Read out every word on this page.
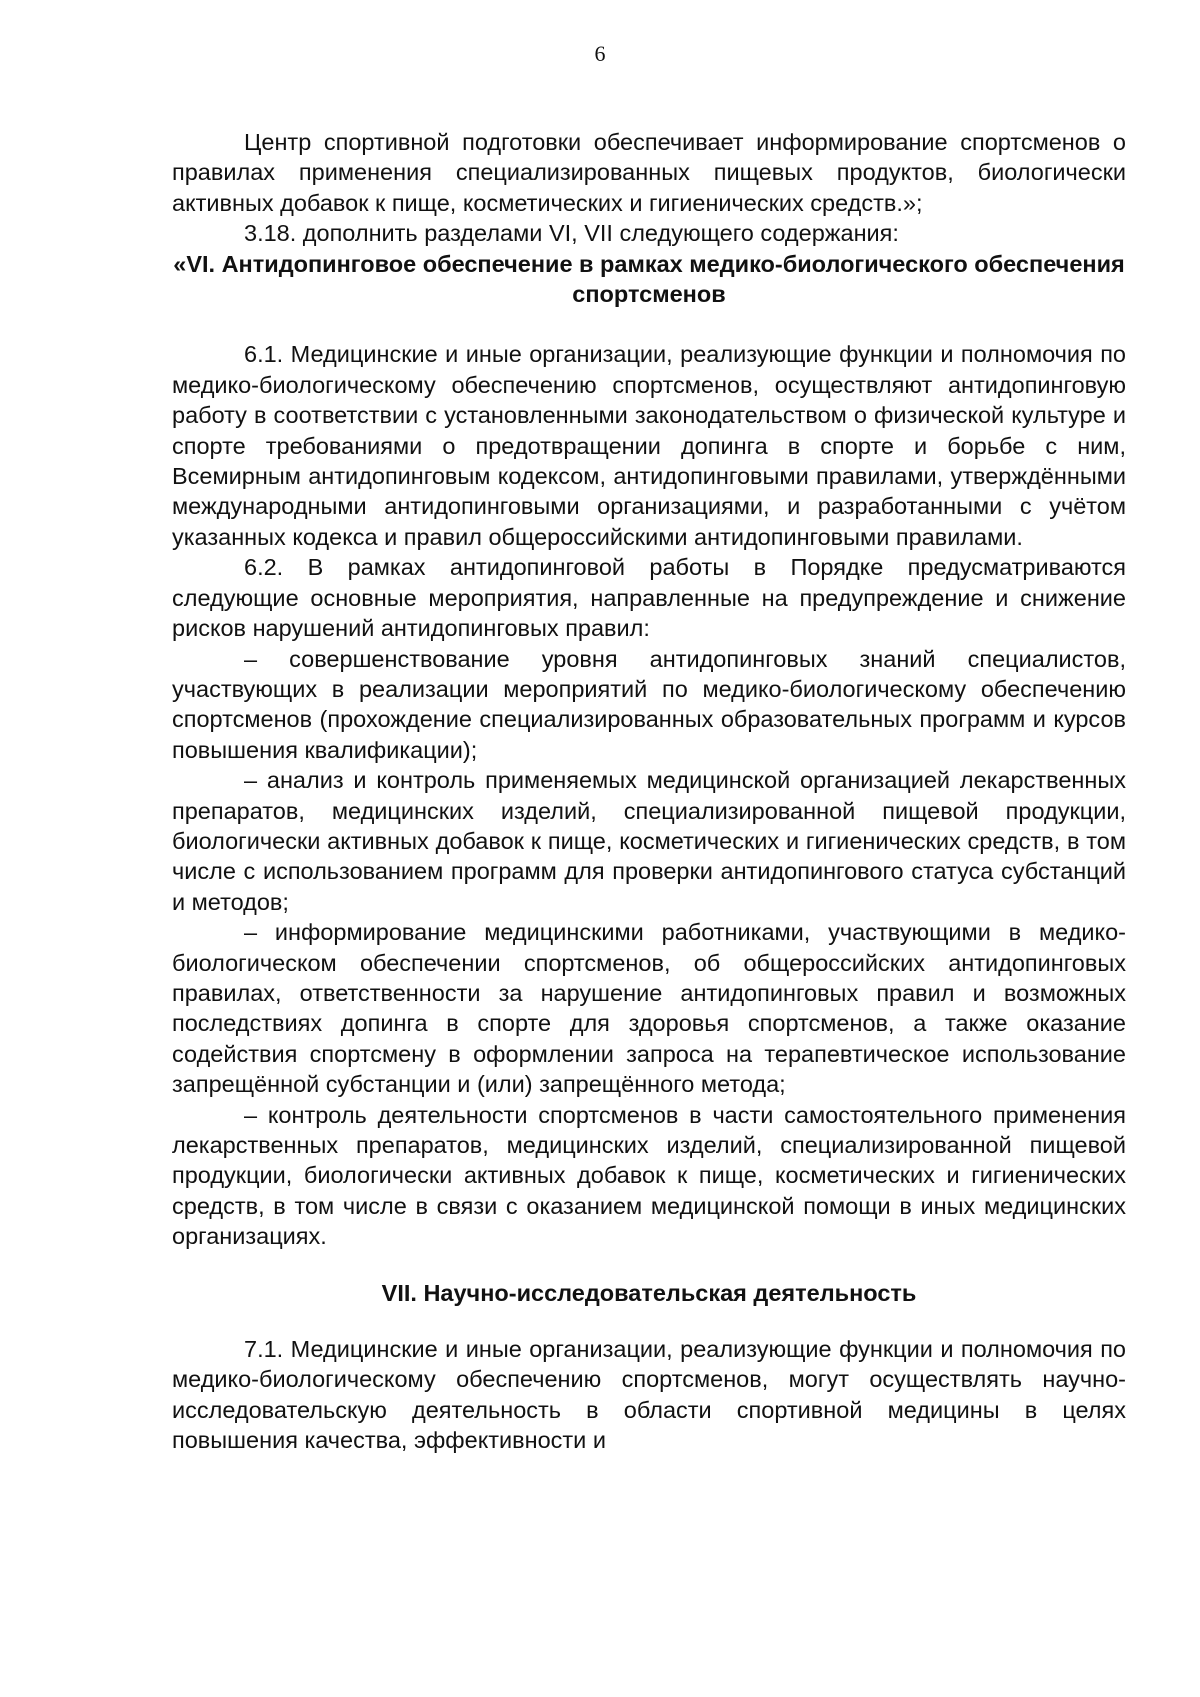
6

Центр спортивной подготовки обеспечивает информирование спортсменов о правилах применения специализированных пищевых продуктов, биологически активных добавок к пище, косметических и гигиенических средств.»;

3.18. дополнить разделами VI, VII следующего содержания:

«VI. Антидопинговое обеспечение в рамках медико-биологического обеспечения спортсменов

6.1. Медицинские и иные организации, реализующие функции и полномочия по медико-биологическому обеспечению спортсменов, осуществляют антидопинговую работу в соответствии с установленными законодательством о физической культуре и спорте требованиями о предотвращении допинга в спорте и борьбе с ним, Всемирным антидопинговым кодексом, антидопинговыми правилами, утверждёнными международными антидопинговыми организациями, и разработанными с учётом указанных кодекса и правил общероссийскими антидопинговыми правилами.

6.2. В рамках антидопинговой работы в Порядке предусматриваются следующие основные мероприятия, направленные на предупреждение и снижение рисков нарушений антидопинговых правил:

– совершенствование уровня антидопинговых знаний специалистов, участвующих в реализации мероприятий по медико-биологическому обеспечению спортсменов (прохождение специализированных образовательных программ и курсов повышения квалификации);

– анализ и контроль применяемых медицинской организацией лекарственных препаратов, медицинских изделий, специализированной пищевой продукции, биологически активных добавок к пище, косметических и гигиенических средств, в том числе с использованием программ для проверки антидопингового статуса субстанций и методов;

– информирование медицинскими работниками, участвующими в медико-биологическом обеспечении спортсменов, об общероссийских антидопинговых правилах, ответственности за нарушение антидопинговых правил и возможных последствиях допинга в спорте для здоровья спортсменов, а также оказание содействия спортсмену в оформлении запроса на терапевтическое использование запрещённой субстанции и (или) запрещённого метода;

– контроль деятельности спортсменов в части самостоятельного применения лекарственных препаратов, медицинских изделий, специализированной пищевой продукции, биологически активных добавок к пище, косметических и гигиенических средств, в том числе в связи с оказанием медицинской помощи в иных медицинских организациях.

VII. Научно-исследовательская деятельность

7.1. Медицинские и иные организации, реализующие функции и полномочия по медико-биологическому обеспечению спортсменов, могут осуществлять научно-исследовательскую деятельность в области спортивной медицины в целях повышения качества, эффективности и
